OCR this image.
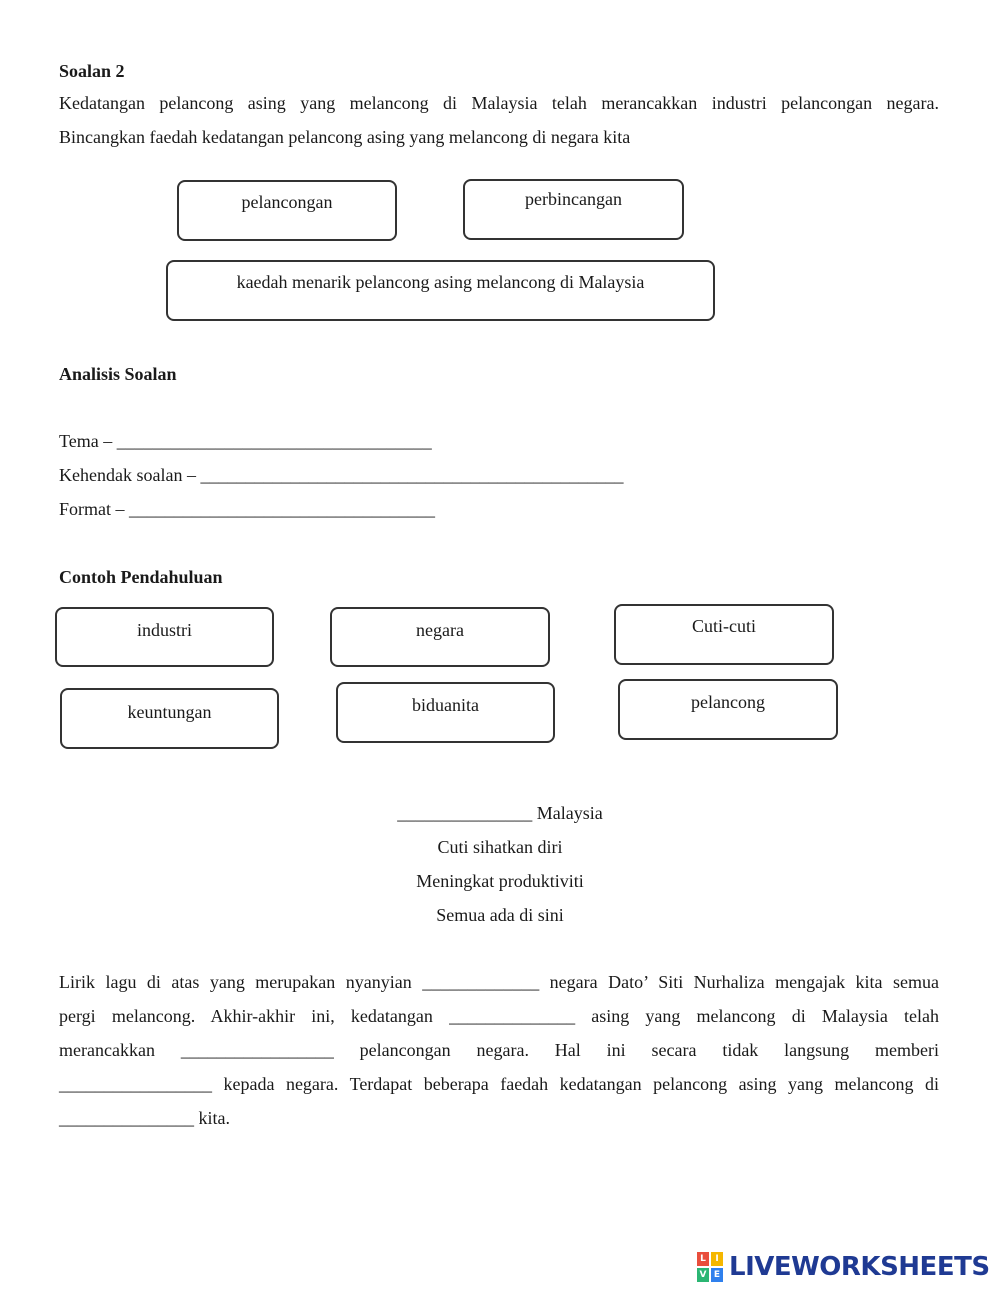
Soalan 2
Kedatangan pelancong asing yang melancong di Malaysia telah merancakkan industri pelancongan negara.
Bincangkan faedah kedatangan pelancong asing yang melancong di negara kita
pelancongan	perbincangan
kaedah menarik pelancong asing melancong di Malaysia
Analisis Soalan
Tema – ___________________________________
Kehendak soalan – _______________________________________________
Format – __________________________________
Contoh Pendahuluan
industri	negara	Cuti-cuti
keuntungan	biduanita	pelancong
_______________ Malaysia
Cuti sihatkan diri
Meningkat produktiviti
Semua ada di sini
Lirik lagu di atas yang merupakan nyanyian _____________ negara Dato’ Siti Nurhaliza mengajak kita semua
pergi melancong. Akhir-akhir ini, kedatangan ______________ asing yang melancong di Malaysia telah
merancakkan _________________ pelancongan negara. Hal ini secara tidak langsung memberi
_________________ kepada negara. Terdapat beberapa faedah kedatangan pelancong asing yang melancong di
_______________ kita.
L	I
V E LIVEWORKSHEETS
